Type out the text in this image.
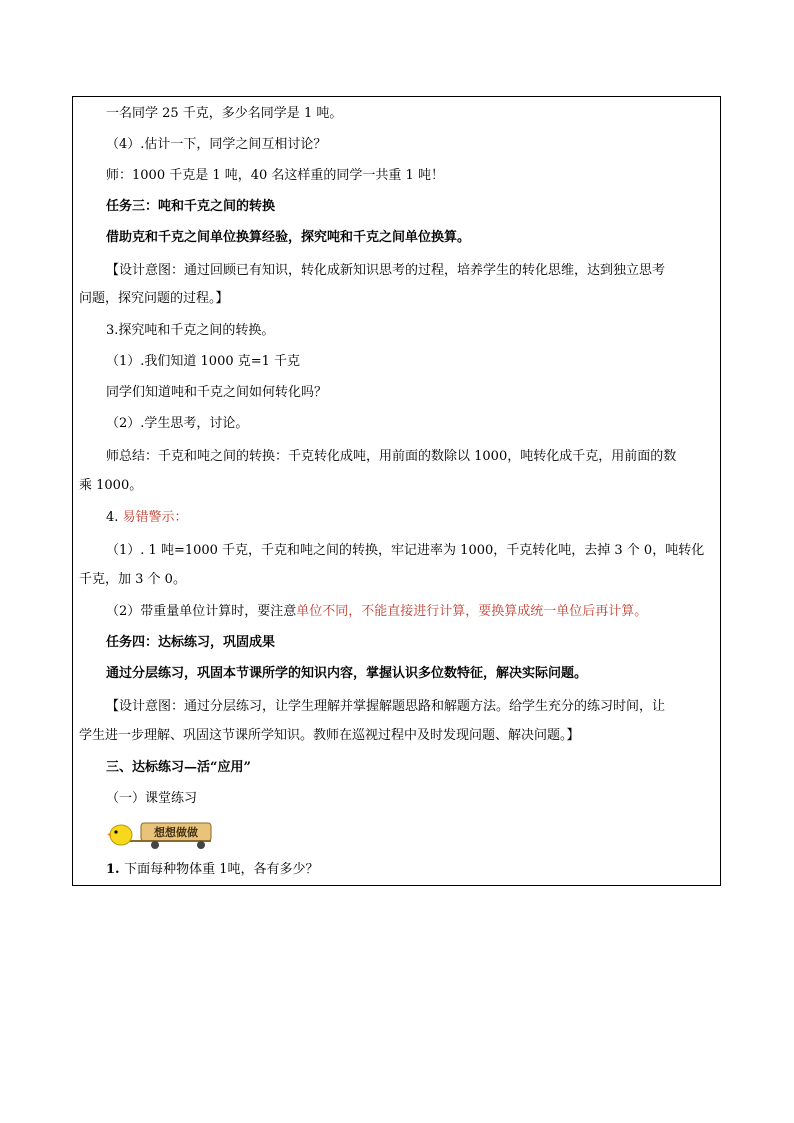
一名同学 25 千克，多少名同学是 1 吨。
（4）.估计一下，同学之间互相讨论？
师：1000 千克是 1 吨，40 名这样重的同学一共重 1 吨！
任务三：吨和千克之间的转换
借助克和千克之间单位换算经验，探究吨和千克之间单位换算。
【设计意图：通过回顾已有知识，转化成新知识思考的过程，培养学生的转化思维，达到独立思考
问题，探究问题的过程。】
3.探究吨和千克之间的转换。
（1）.我们知道 1000 克=1 千克
同学们知道吨和千克之间如何转化吗？
（2）.学生思考，讨论。
师总结：千克和吨之间的转换：千克转化成吨，用前面的数除以 1000，吨转化成千克，用前面的数
乘 1000。
4. 易错警示：
（1）. 1 吨=1000 千克，千克和吨之间的转换，牢记进率为 1000，千克转化吨，去掉 3 个 0，吨转化
千克，加 3 个 0。
（2）带重量单位计算时，要注意单位不同，不能直接进行计算，要换算成统一单位后再计算。
任务四：达标练习，巩固成果
通过分层练习，巩固本节课所学的知识内容，掌握认识多位数特征，解决实际问题。
【设计意图：通过分层练习，让学生理解并掌握解题思路和解题方法。给学生充分的练习时间，让
学生进一步理解、巩固这节课所学知识。教师在巡视过程中及时发现问题、解决问题。】
三、达标练习—活“应用”
（一）课堂练习
想想做做
1. 下面每种物体重 1吨，各有多少？
